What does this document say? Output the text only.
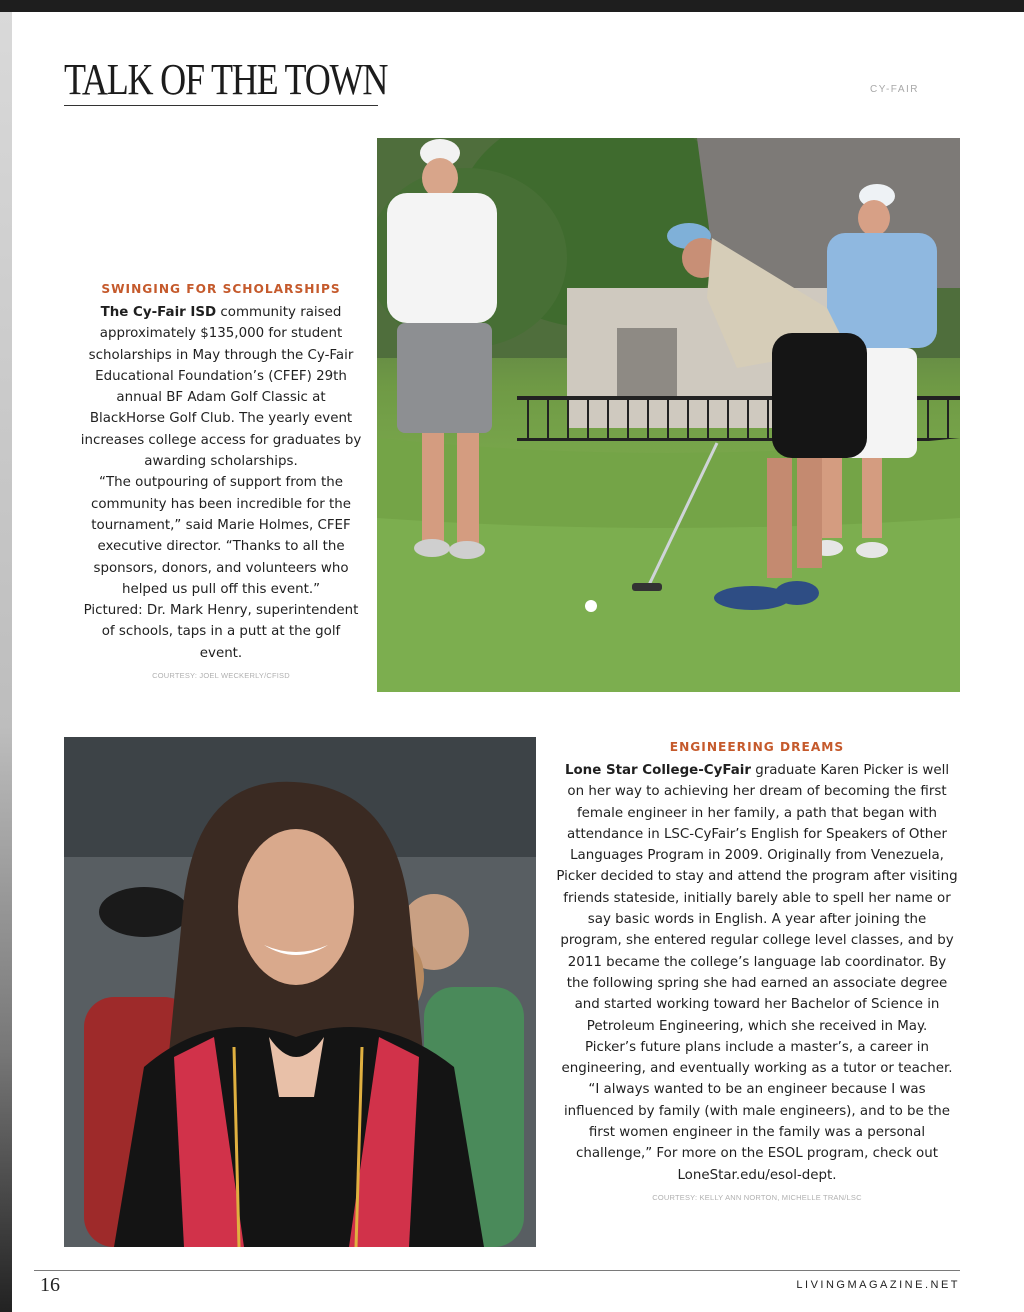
TALK OF THE TOWN	CY-FAIR
SWINGING FOR SCHOLARSHIPS
The Cy-Fair ISD community raised approximately $135,000 for student scholarships in May through the Cy-Fair Educational Foundation’s (CFEF) 29th annual BF Adam Golf Classic at BlackHorse Golf Club. The yearly event increases college access for graduates by awarding scholarships.
“The outpouring of support from the community has been incredible for the tournament,” said Marie Holmes, CFEF executive director. “Thanks to all the sponsors, donors, and volunteers who helped us pull off this event.”
Pictured: Dr. Mark Henry, superintendent of schools, taps in a putt at the golf event.
COURTESY: JOEL WECKERLY/CFISD
ENGINEERING DREAMS
Lone Star College-CyFair graduate Karen Picker is well on her way to achieving her dream of becoming the first female engineer in her family, a path that began with attendance in LSC-CyFair’s English for Speakers of Other Languages Program in 2009. Originally from Venezuela, Picker decided to stay and attend the program after visiting friends stateside, initially barely able to spell her name or say basic words in English. A year after joining the program, she entered regular college level classes, and by 2011 became the college’s language lab coordinator. By the following spring she had earned an associate degree and started working toward her Bachelor of Science in Petroleum Engineering, which she received in May.
Picker’s future plans include a master’s, a career in engineering, and eventually working as a tutor or teacher. “I always wanted to be an engineer because I was influenced by family (with male engineers), and to be the first women engineer in the family was a personal challenge,” For more on the ESOL program, check out LoneStar.edu/esol-dept.
COURTESY: KELLY ANN NORTON, MICHELLE TRAN/LSC
16	LIVINGMAGAZINE.NET
